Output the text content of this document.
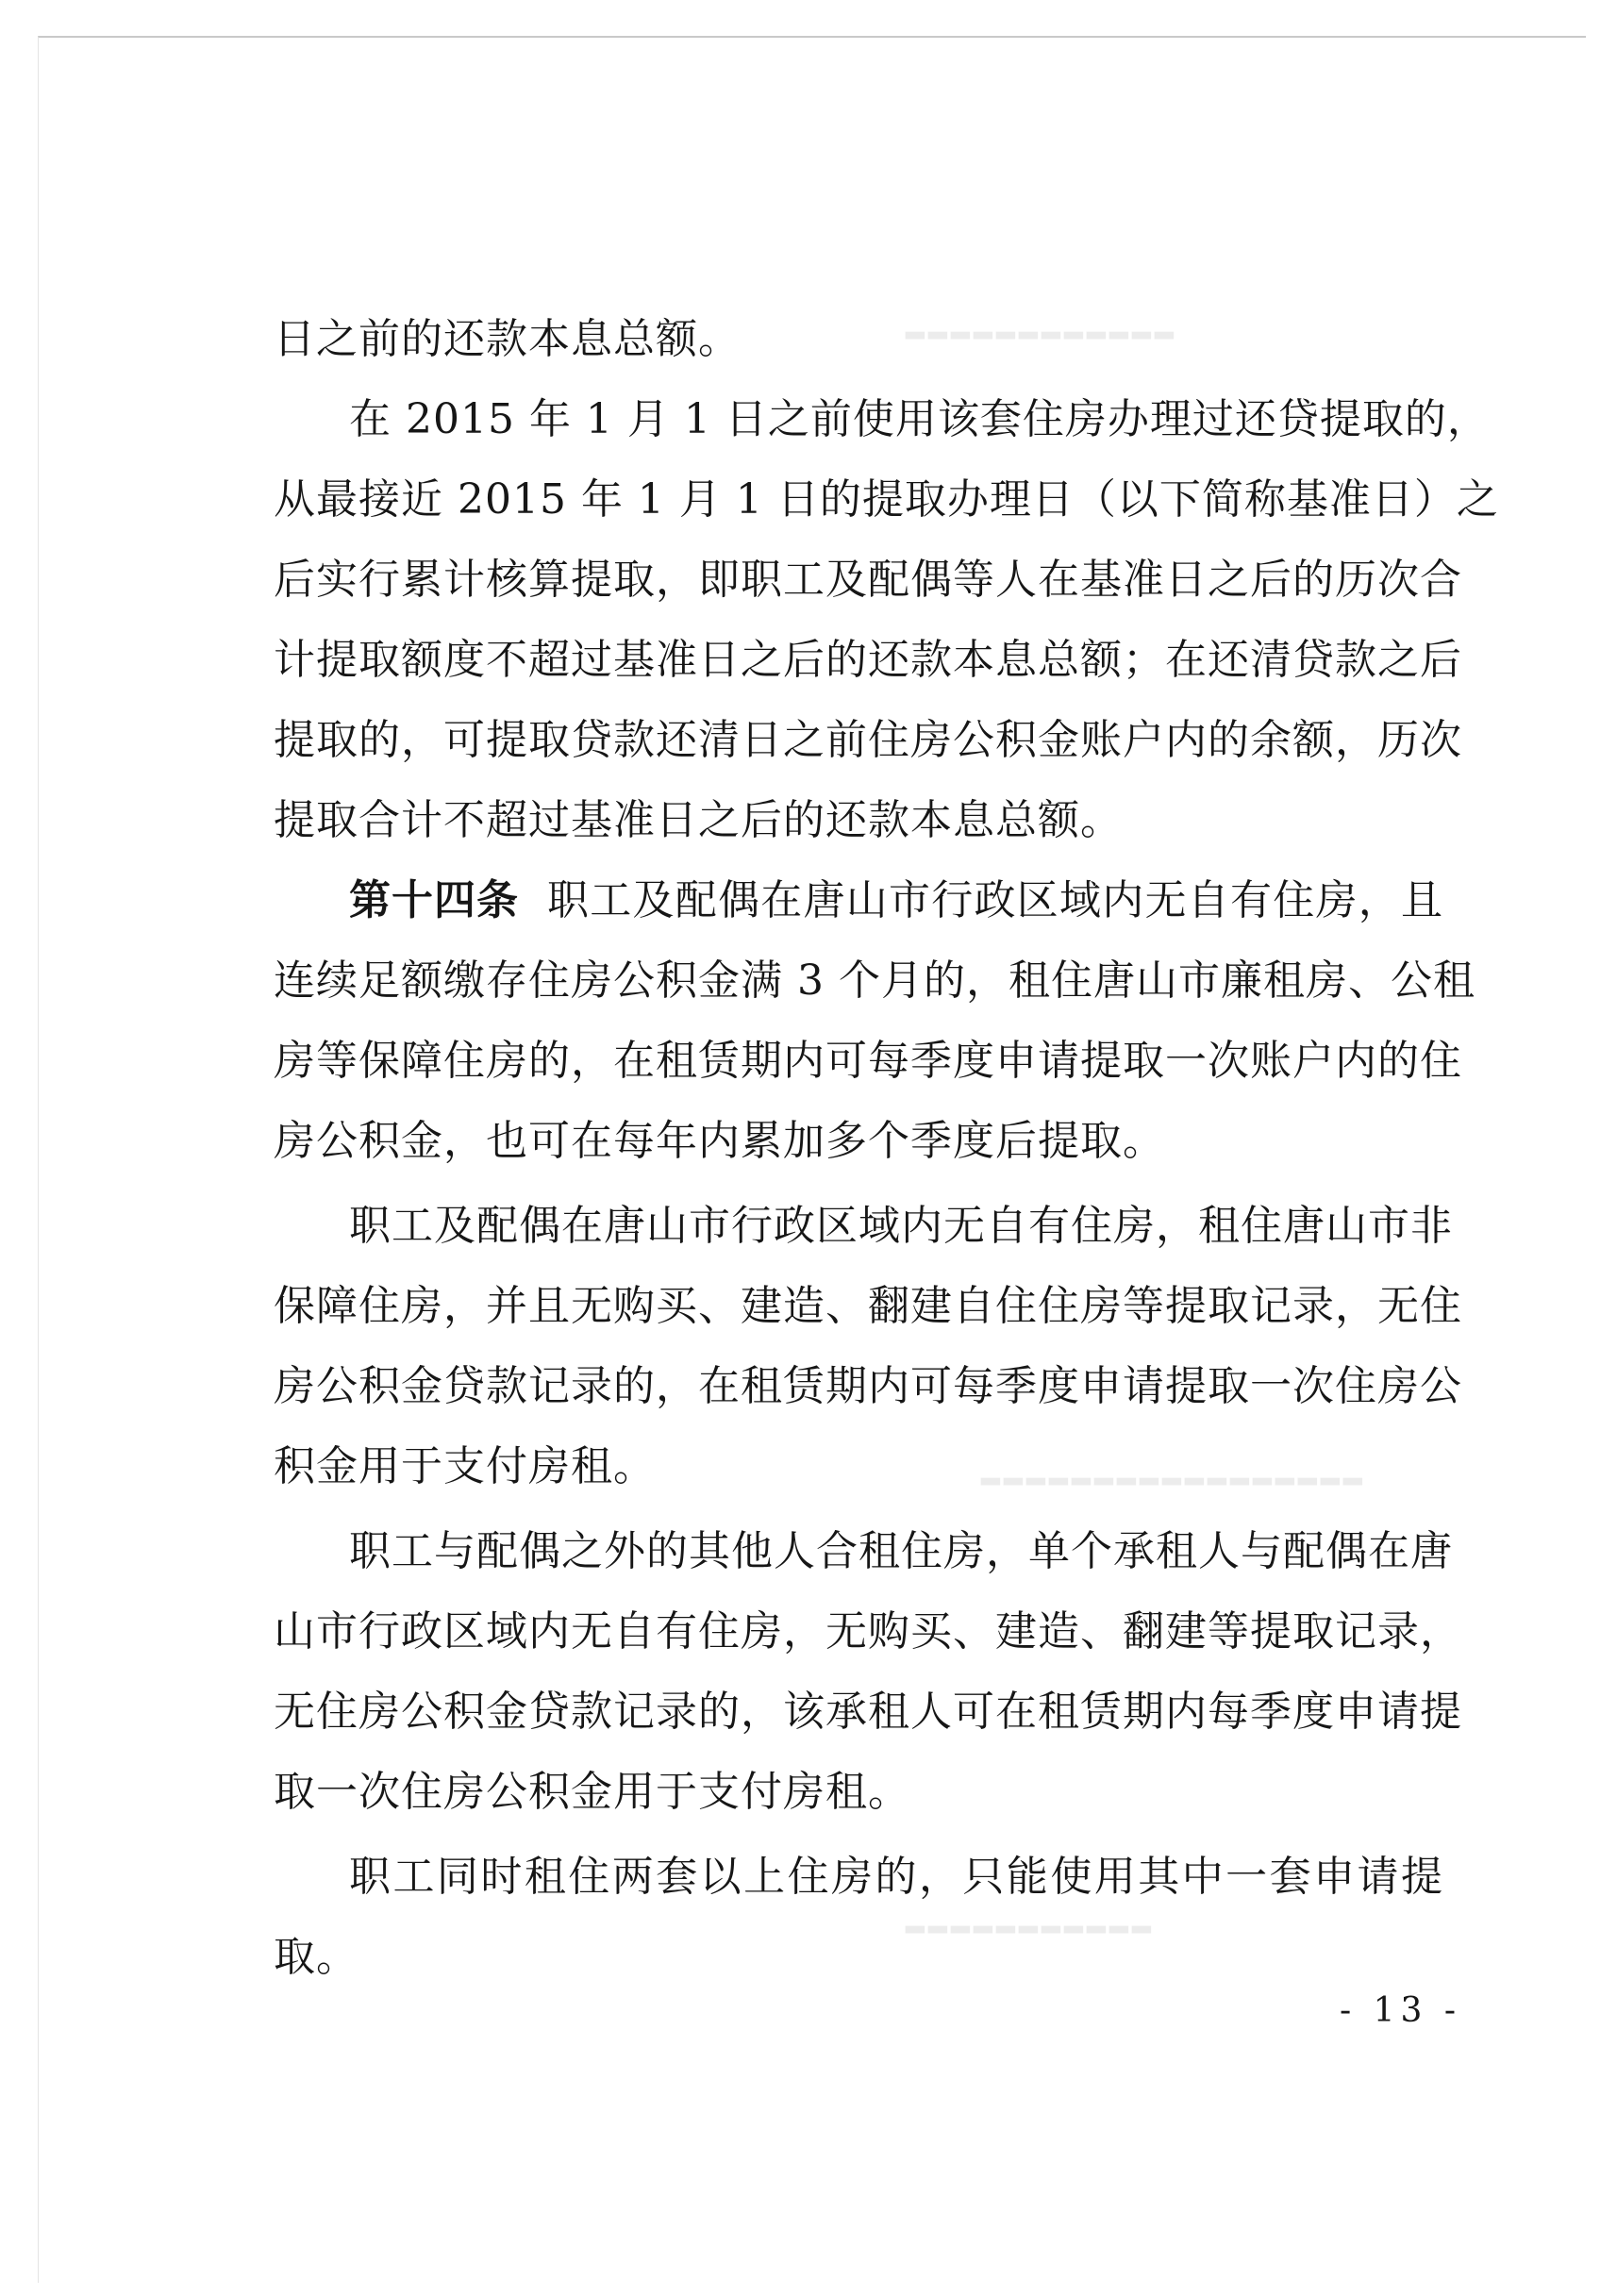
▂▂▂▂▂▂▂▂▂▂▂▂
▂▂▂▂▂▂▂▂▂▂▂▂▂▂▂▂▂
▂▂▂▂▂▂▂▂▂▂▂
日之前的还款本息总额。
在 2015 年 1 月 1 日之前使用该套住房办理过还贷提取的，
从最接近 2015 年 1 月 1 日的提取办理日（以下简称基准日）之
后实行累计核算提取，即职工及配偶等人在基准日之后的历次合
计提取额度不超过基准日之后的还款本息总额；在还清贷款之后
提取的，可提取贷款还清日之前住房公积金账户内的余额，历次
提取合计不超过基准日之后的还款本息总额。
第十四条 职工及配偶在唐山市行政区域内无自有住房，且
连续足额缴存住房公积金满 3 个月的，租住唐山市廉租房、公租
房等保障住房的，在租赁期内可每季度申请提取一次账户内的住
房公积金，也可在每年内累加多个季度后提取。
职工及配偶在唐山市行政区域内无自有住房，租住唐山市非
保障住房，并且无购买、建造、翻建自住住房等提取记录，无住
房公积金贷款记录的，在租赁期内可每季度申请提取一次住房公
积金用于支付房租。
职工与配偶之外的其他人合租住房，单个承租人与配偶在唐
山市行政区域内无自有住房，无购买、建造、翻建等提取记录，
无住房公积金贷款记录的，该承租人可在租赁期内每季度申请提
取一次住房公积金用于支付房租。
职工同时租住两套以上住房的，只能使用其中一套申请提
取。
- 13 -
